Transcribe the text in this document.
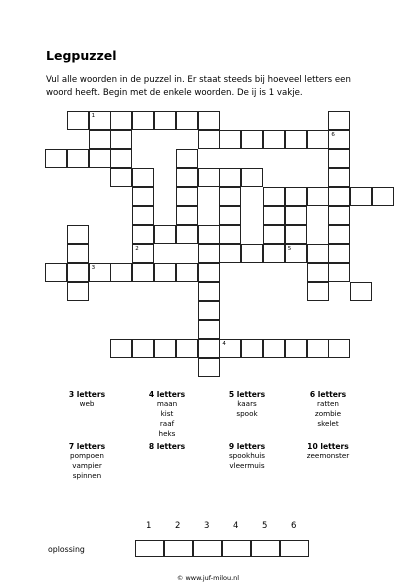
Legpuzzel
Vul alle woorden in de puzzel in. Er staat steeds bij hoeveel letters een woord heeft. Begin met de enkele woorden. De ij is 1 vakje.
1
6
5
3
4
2
3 letters
web
4 letters
maan
kist
raaf
heks
5 letters
kaars
spook
6 letters
ratten
zombie
skelet
7 letters
pompoen
vampier
spinnen
8 letters	9 letters
spookhuis
vleermuis
10 letters
zeemonster
oplossing
1	2	3	4	5	6
© www.juf-milou.nl
